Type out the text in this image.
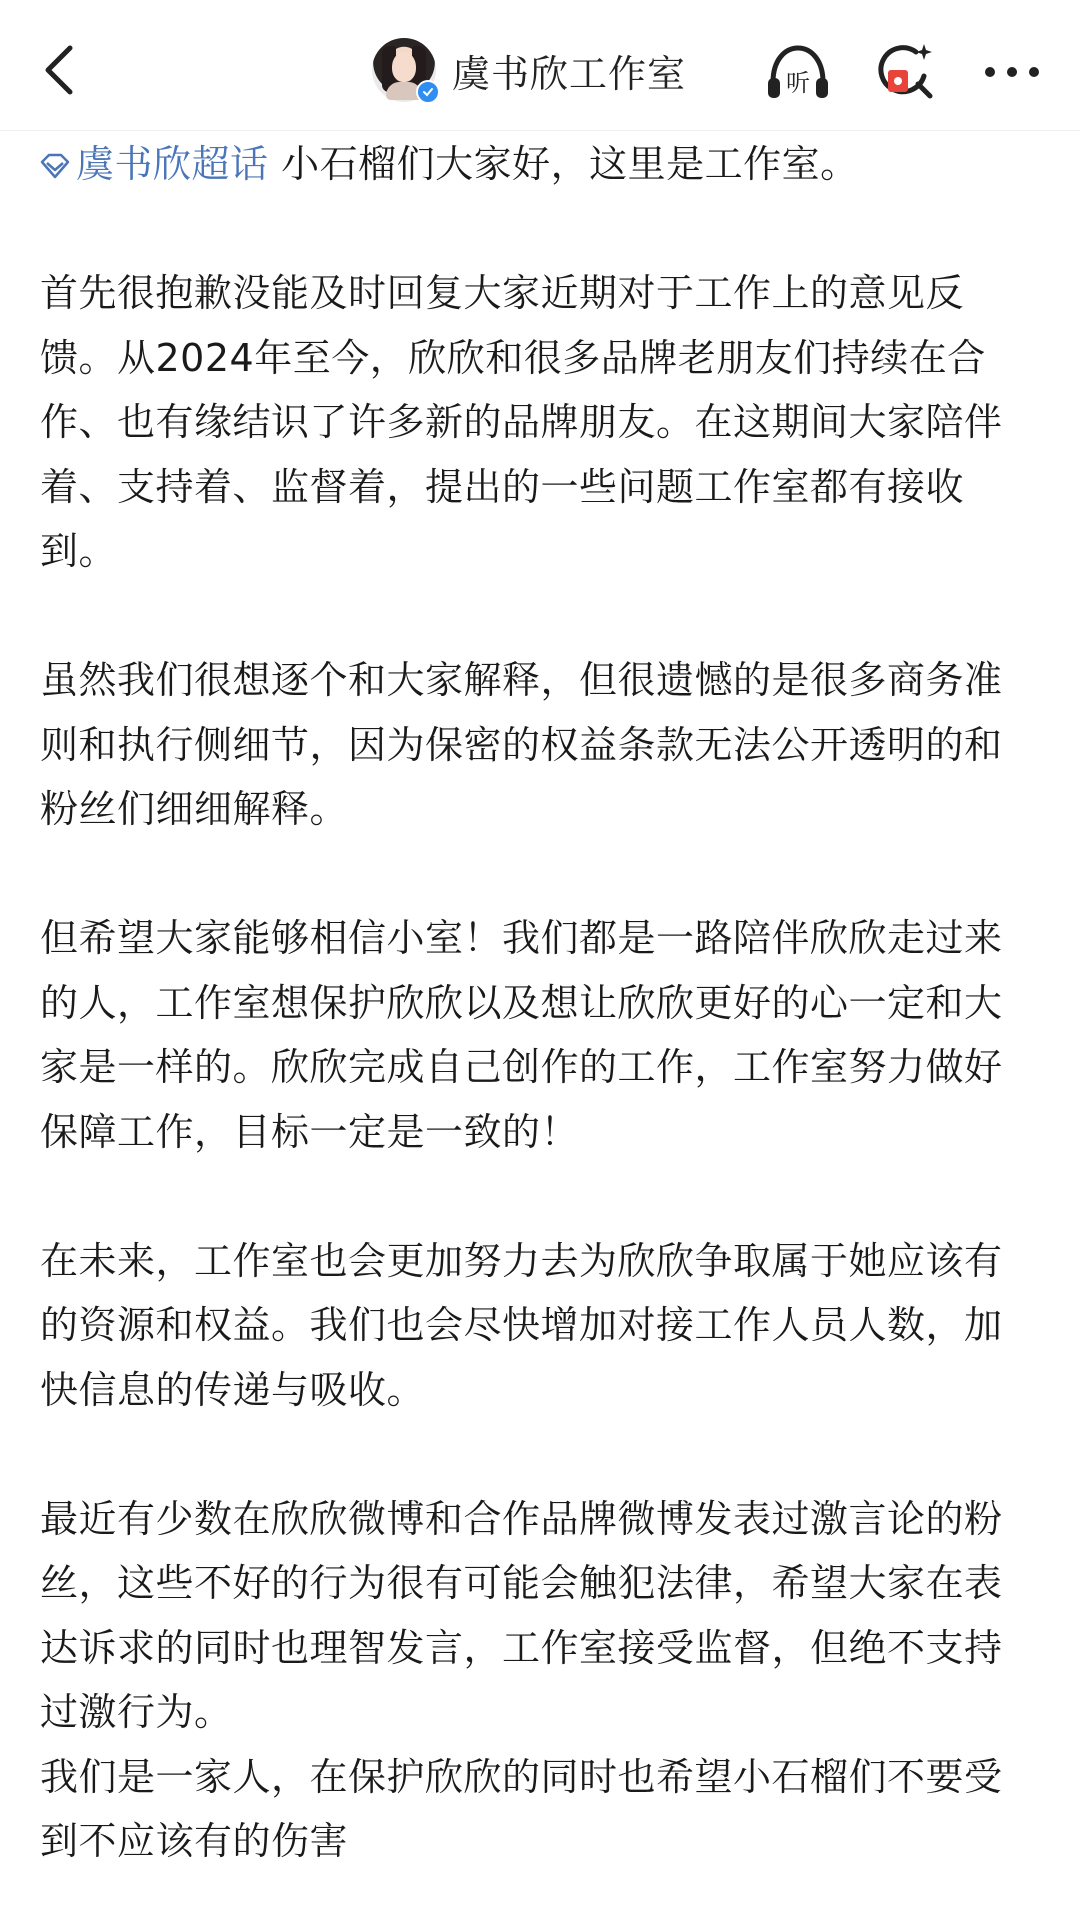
虞书欣工作室	听

虞书欣超话 小石榴们大家好，这里是工作室。

首先很抱歉没能及时回复大家近期对于工作上的意见反馈。从2024年至今，欣欣和很多品牌老朋友们持续在合作、也有缘结识了许多新的品牌朋友。在这期间大家陪伴着、支持着、监督着，提出的一些问题工作室都有接收到。

虽然我们很想逐个和大家解释，但很遗憾的是很多商务准则和执行侧细节，因为保密的权益条款无法公开透明的和粉丝们细细解释。

但希望大家能够相信小室！我们都是一路陪伴欣欣走过来的人，工作室想保护欣欣以及想让欣欣更好的心一定和大家是一样的。欣欣完成自己创作的工作，工作室努力做好保障工作，目标一定是一致的！

在未来，工作室也会更加努力去为欣欣争取属于她应该有的资源和权益。我们也会尽快增加对接工作人员人数，加快信息的传递与吸收。

最近有少数在欣欣微博和合作品牌微博发表过激言论的粉丝，这些不好的行为很有可能会触犯法律，希望大家在表达诉求的同时也理智发言，工作室接受监督，但绝不支持过激行为。

我们是一家人，在保护欣欣的同时也希望小石榴们不要受到不应该有的伤害
